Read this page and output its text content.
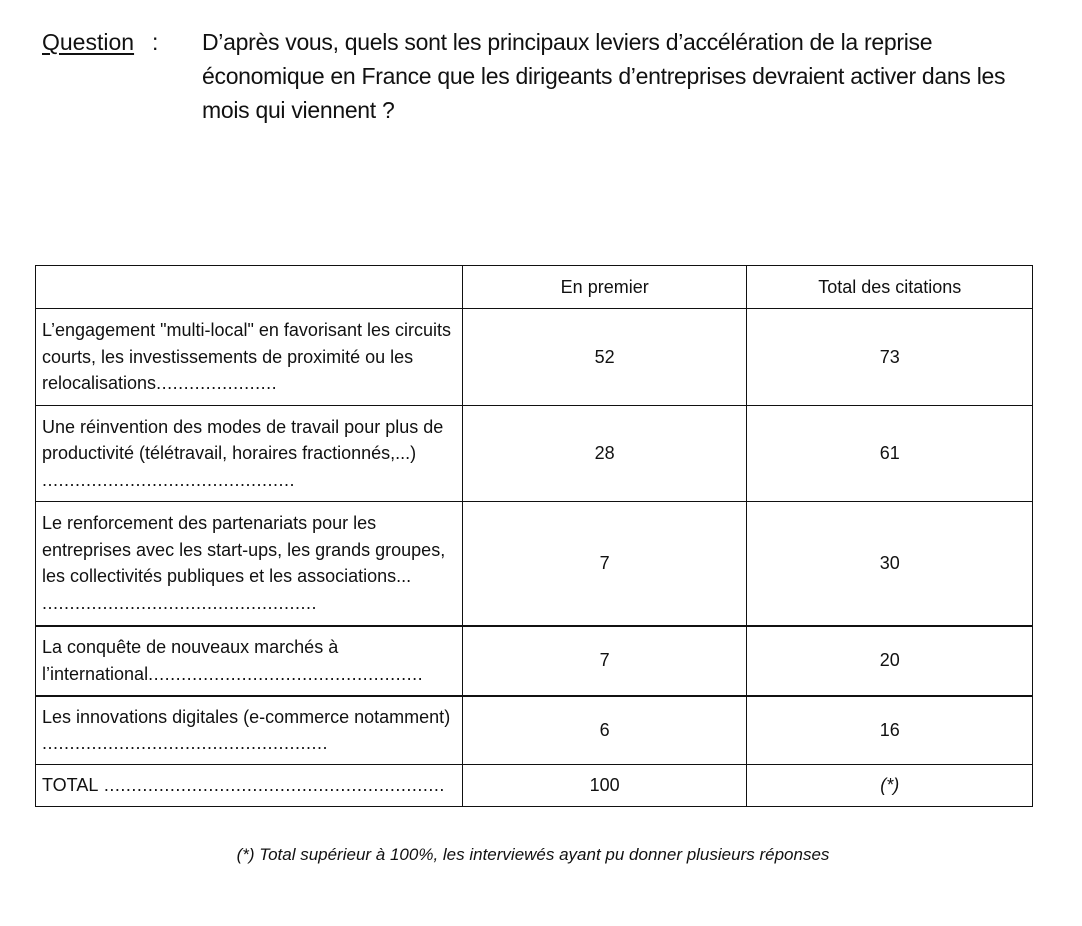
Question : D’après vous, quels sont les principaux leviers d’accélération de la reprise économique en France que les dirigeants d’entreprises devraient activer dans les mois qui viennent ?
	En premier	Total des citations
L’engagement "multi-local" en favorisant les circuits courts, les investissements de proximité ou les relocalisations......................	52	73
Une réinvention des modes de travail pour plus de productivité (télétravail, horaires fractionnés,...) ..............................................	28	61
Le renforcement des partenariats pour les entreprises avec les start-ups, les grands groupes, les collectivités publiques et les associations... ..................................................	7	30
La conquête de nouveaux marchés à l’international..................................................	7	20
Les innovations digitales (e-commerce notamment) ....................................................	6	16
TOTAL ..............................................................	100	(*)
(*) Total supérieur à 100%, les interviewés ayant pu donner plusieurs réponses
